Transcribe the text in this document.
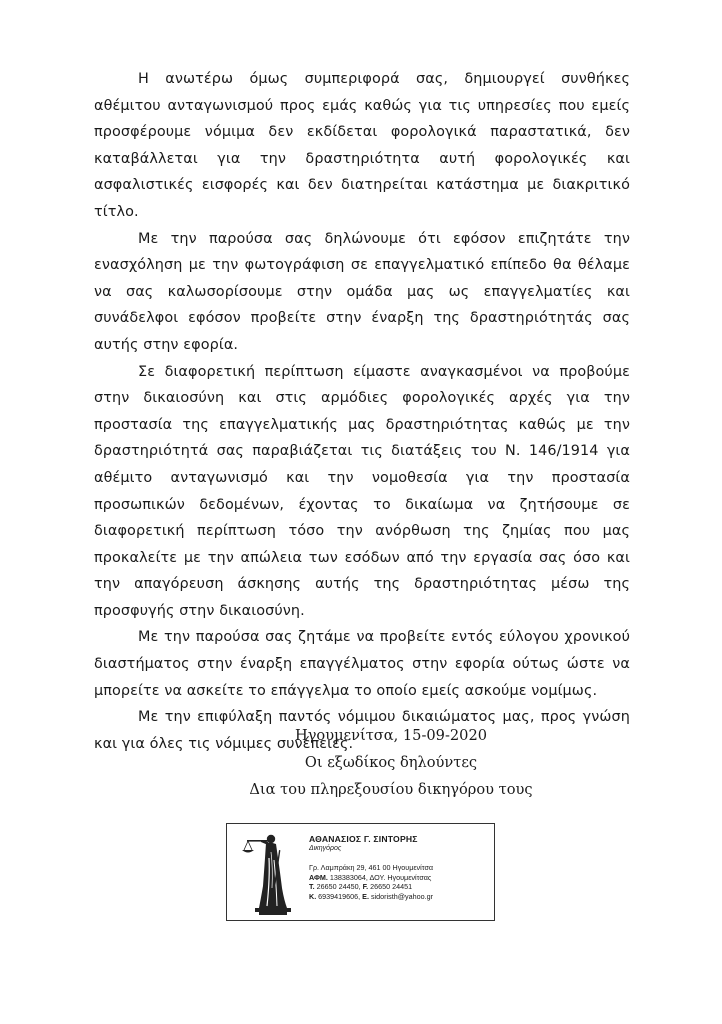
Η ανωτέρω όμως συμπεριφορά σας, δημιουργεί συνθήκες αθέμιτου ανταγωνισμού προς εμάς καθώς για τις υπηρεσίες που εμείς προσφέρουμε νόμιμα δεν εκδίδεται φορολογικά παραστατικά, δεν καταβάλλεται για την δραστηριότητα αυτή φορολογικές και ασφαλιστικές εισφορές και δεν διατηρείται κατάστημα με διακριτικό τίτλο.

Με την παρούσα σας δηλώνουμε ότι εφόσον επιζητάτε την ενασχόληση με την φωτογράφιση σε επαγγελματικό επίπεδο θα θέλαμε να σας καλωσορίσουμε στην ομάδα μας ως επαγγελματίες και συνάδελφοι εφόσον προβείτε στην έναρξη της δραστηριότητάς σας αυτής στην εφορία.

Σε διαφορετική περίπτωση είμαστε αναγκασμένοι να προβούμε στην δικαιοσύνη και στις αρμόδιες φορολογικές αρχές για την προστασία της επαγγελματικής μας δραστηριότητας καθώς με την δραστηριότητά σας παραβιάζεται τις διατάξεις του Ν. 146/1914 για αθέμιτο ανταγωνισμό και την νομοθεσία για την προστασία προσωπικών δεδομένων, έχοντας το δικαίωμα να ζητήσουμε σε διαφορετική περίπτωση τόσο την ανόρθωση της ζημίας που μας προκαλείτε με την απώλεια των εσόδων από την εργασία σας όσο και την απαγόρευση άσκησης αυτής της δραστηριότητας μέσω της προσφυγής στην δικαιοσύνη.

Με την παρούσα σας ζητάμε να προβείτε εντός εύλογου χρονικού διαστήματος στην έναρξη επαγγέλματος στην εφορία ούτως ώστε να μπορείτε να ασκείτε το επάγγελμα το οποίο εμείς ασκούμε νομίμως.

Με την επιφύλαξη παντός νόμιμου δικαιώματος μας, προς γνώση και για όλες τις νόμιμες συνέπειες.

Ηγουμενίτσα, 15-09-2020
Οι εξωδίκος δηλούντες
Δια του πληρεξουσίου δικηγόρου τους
ΑΘΑΝΑΣΙΟΣ Γ. ΣΙΝΤΟΡΗΣ
Δικηγόρος
Γρ. Λαμπράκη 29, 461 00 Ηγουμενίτσα
ΑΦΜ. 138383064, ΔΟΥ. Ηγουμενίτσας
Τ. 26650 24450, F. 26650 24451
Κ. 6939419606, E. sidoristh@yahoo.gr
